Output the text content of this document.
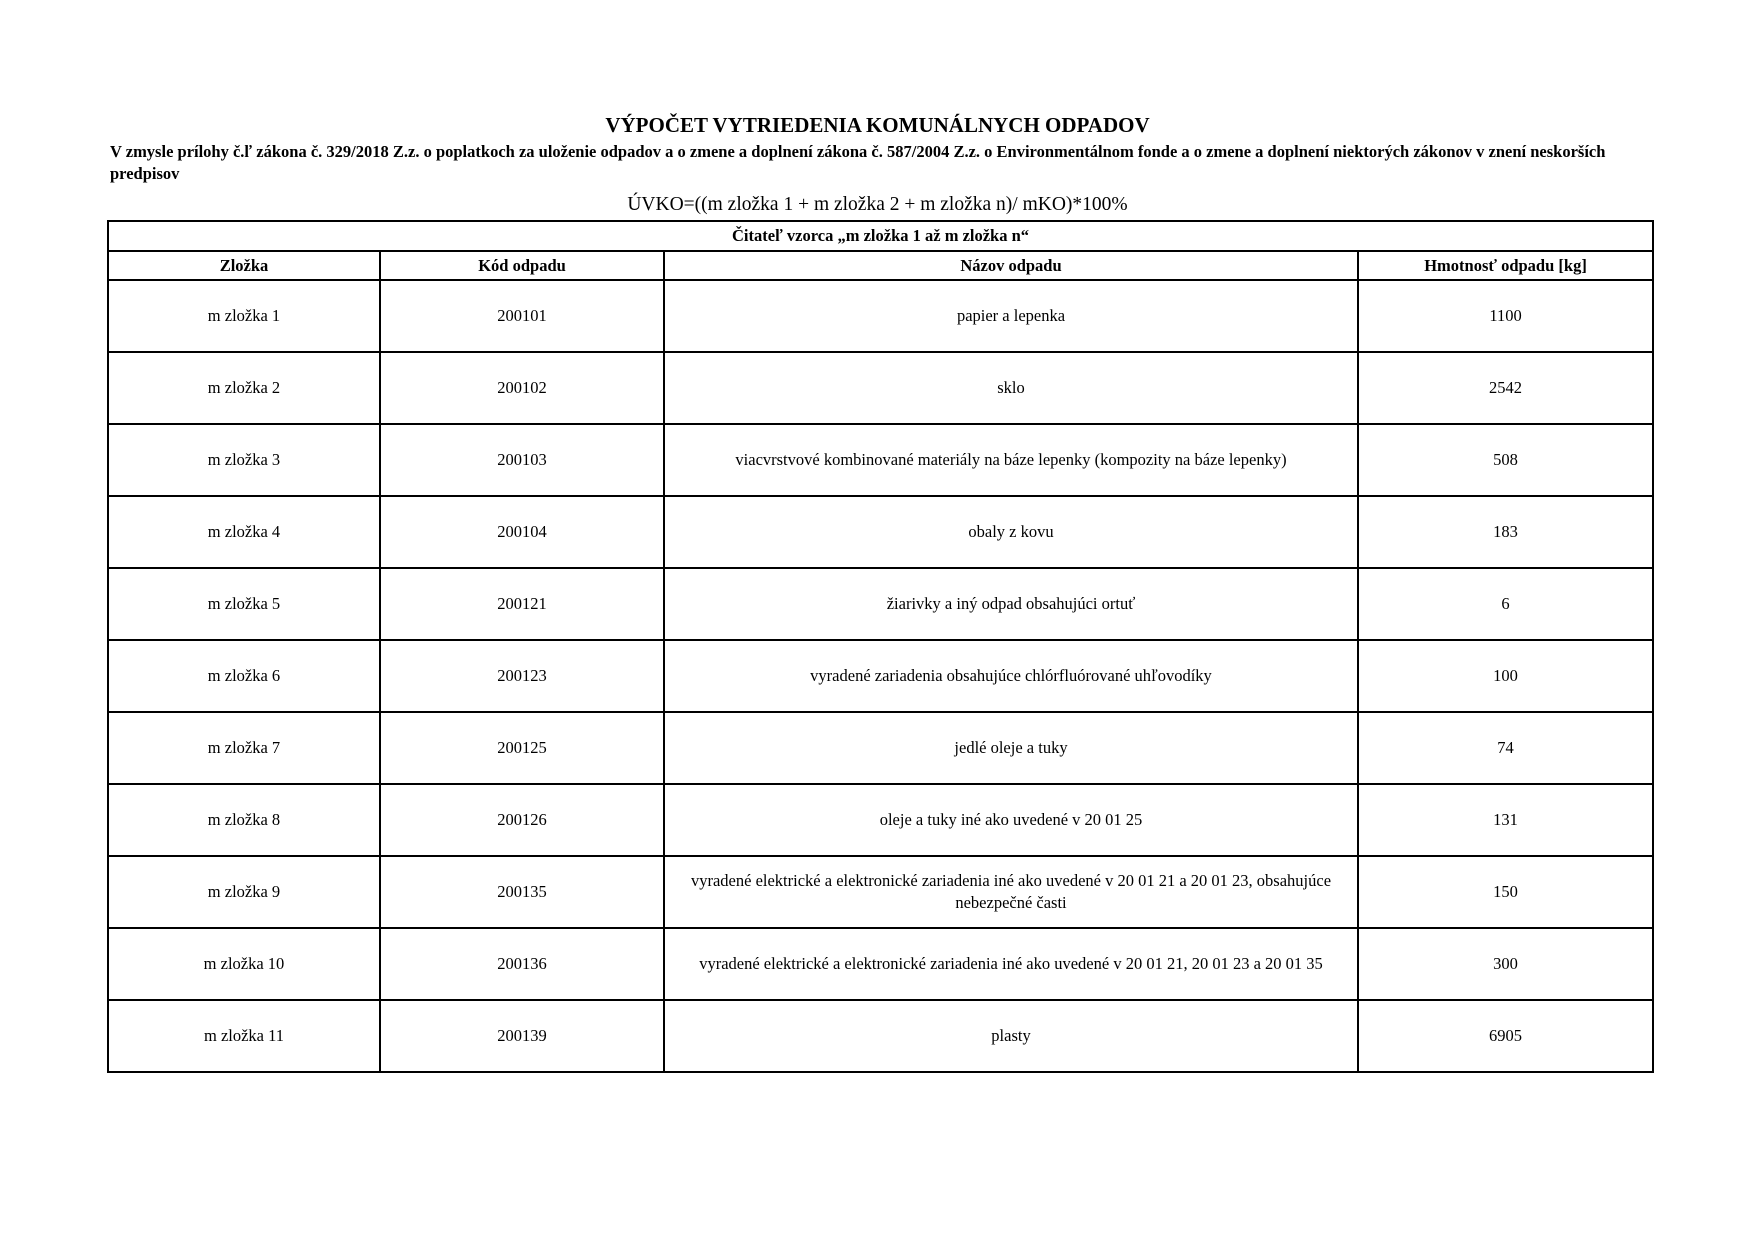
VÝPOČET VYTRIEDENIA KOMUNÁLNYCH ODPADOV
V zmysle prílohy č.ľ zákona č. 329/2018 Z.z. o poplatkoch za uloženie odpadov a o zmene a doplnení zákona č. 587/2004 Z.z. o Environmentálnom fonde a o zmene a doplnení niektorých zákonov v znení neskorších predpisov
ÚVKO=((m zložka 1 + m zložka 2 + m zložka n)/ mKO)*100%
Čitateľ vzorca „m zložka 1 až m zložka n“			
Zložka	Kód odpadu	Názov odpadu	Hmotnosť odpadu [kg]
m zložka 1	200101	papier a lepenka	1100
m zložka 2	200102	sklo	2542
m zložka 3	200103	viacvrstvové kombinované materiály na báze lepenky (kompozity na báze lepenky)	508
m zložka 4	200104	obaly z kovu	183
m zložka 5	200121	žiarivky a iný odpad obsahujúci ortuť	6
m zložka 6	200123	vyradené zariadenia obsahujúce chlórfluórované uhľovodíky	100
m zložka 7	200125	jedlé oleje a tuky	74
m zložka 8	200126	oleje a tuky iné ako uvedené v 20 01 25	131
m zložka 9	200135	vyradené elektrické a elektronické zariadenia iné ako uvedené v 20 01 21 a 20 01 23, obsahujúce nebezpečné časti	150
m zložka 10	200136	vyradené elektrické a elektronické zariadenia iné ako uvedené v 20 01 21, 20 01 23 a 20 01 35	300
m zložka 11	200139	plasty	6905
